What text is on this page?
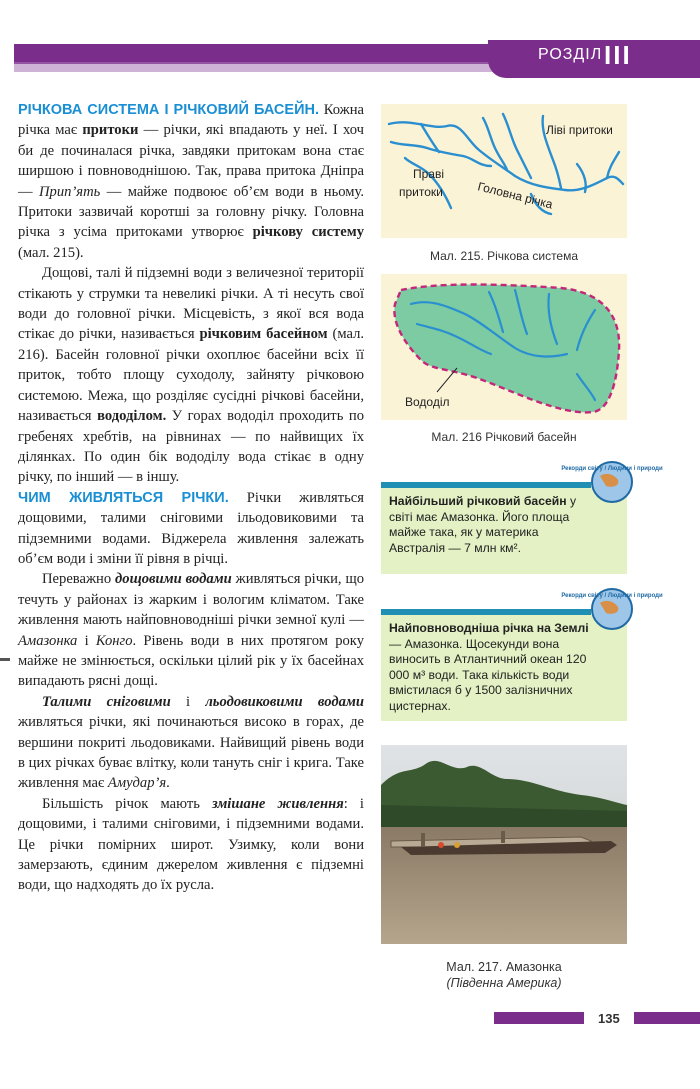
РОЗДІЛ III

РІЧКОВА СИСТЕМА І РІЧКОВИЙ БАСЕЙН. Кожна річка має притоки — річки, які впадають у неї. І хоч би де починалася річка, завдяки притокам вона стає ширшою і повноводнішою. Так, права притока Дніпра — Прип’ять — майже подвоює об’єм води в ньому. Притоки зазвичай коротші за головну річку. Головна річка з усіма притоками утворює річкову систему (мал. 215).

Дощові, талі й підземні води з величезної території стікають у струмки та невеликі річки. А ті несуть свої води до головної річки. Місцевість, з якої вся вода стікає до річки, називається річковим басейном (мал. 216). Басейн головної річки охоплює басейни всіх її приток, тобто площу суходолу, зайняту річковою системою. Межа, що розділяє сусідні річкові басейни, називається вододілом. У горах вододіл проходить по гребенях хребтів, на рівнинах — по найвищих їх ділянках. По один бік вододілу вода стікає в одну річку, по інший — в іншу.

ЧИМ ЖИВЛЯТЬСЯ РІЧКИ. Річки живляться дощовими, талими сніговими ільодовиковими та підземними водами. Віджерела живлення залежать об’єм води і зміни її рівня в річці.

Переважно дощовими водами живляться річки, що течуть у районах із жарким і вологим кліматом. Таке живлення мають найповноводніші річки земної кулі — Амазонка і Конго. Рівень води в них протягом року майже не змінюється, оскільки цілий рік у їх басейнах випадають рясні дощі.

Талими сніговими і льодовиковими водами живляться річки, які починаються високо в горах, де вершини покриті льодовиками. Найвищий рівень води в цих річках буває влітку, коли тануть сніг і крига. Таке живлення має Амудар’я.

Більшість річок мають змішане живлення: і дощовими, і талими сніговими, і підземними водами. Це річки помірних широт. Узимку, коли вони замерзають, єдиним джерелом живлення є підземні води, що надходять до їх русла.

Ліві притоки
Праві
притоки	Головна річка
Мал. 215. Річкова система
Вододіл
Мал. 216 Річковий басейн
Рекорди світу / Людини і природи
Найбільший річковий басейн у світі має Амазонка. Його площа майже така, як у материка Австралія — 7 млн км².
Рекорди світу / Людини і природи
Найповноводніша річка на Землі — Амазонка. Щосекунди вона виносить в Атлантичний океан 120 000 м³ води. Така кількість води вмістилася б у 1500 залізничних цистернах.
Мал. 217. Амазонка
(Південна Америка)
135
